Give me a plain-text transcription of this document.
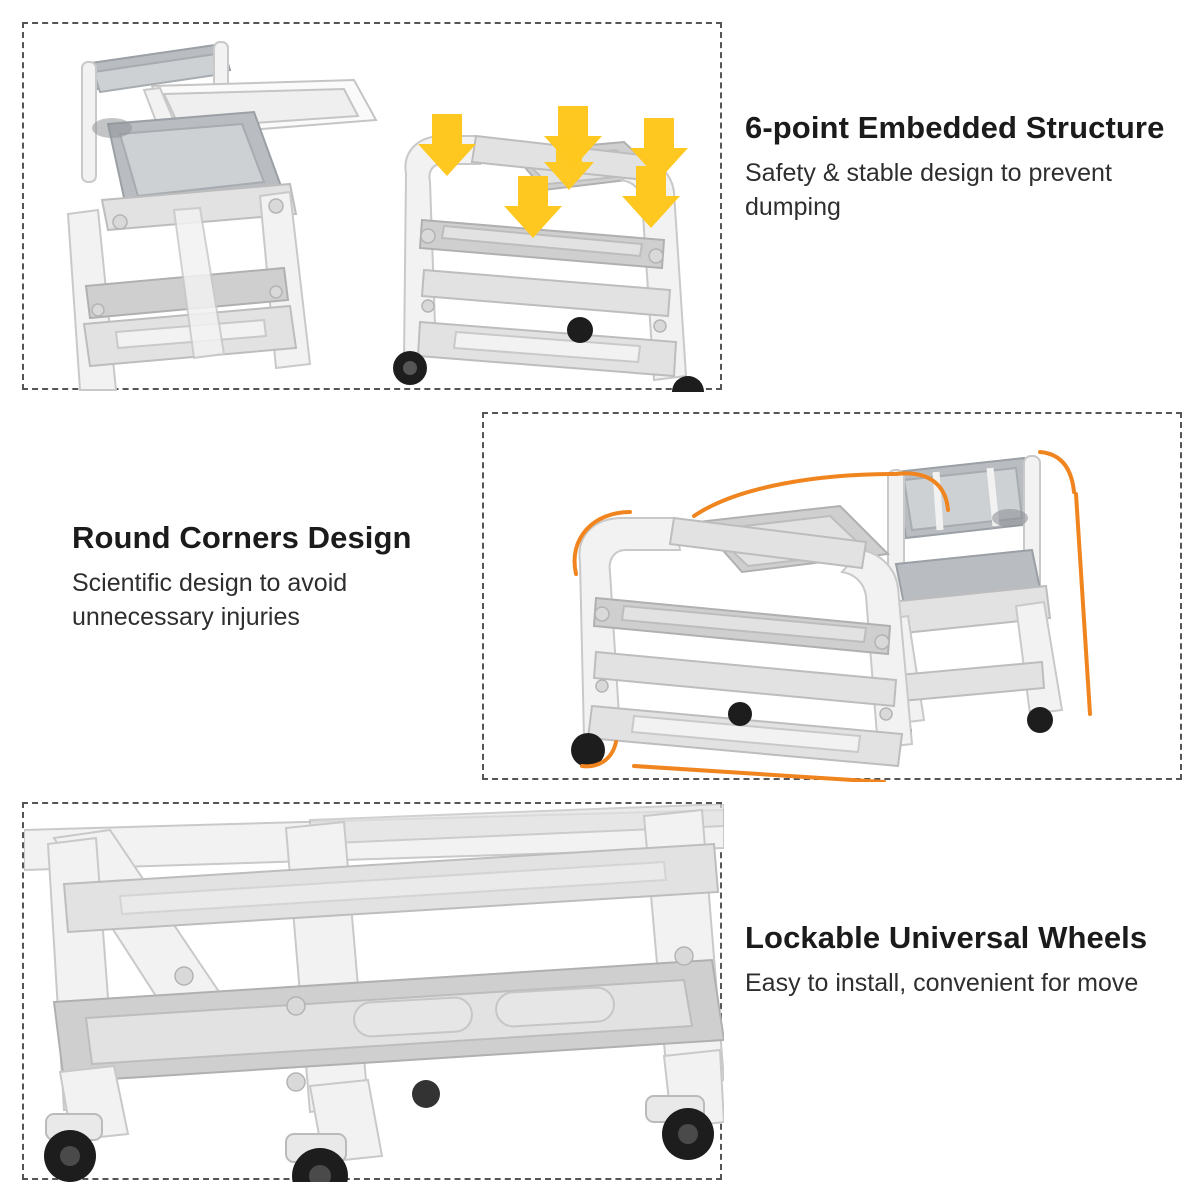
6-point Embedded Structure

Safety & stable design to prevent dumping

Round Corners Design

Scientific design to avoid unnecessary injuries

Lockable Universal Wheels

Easy to install, convenient for move
